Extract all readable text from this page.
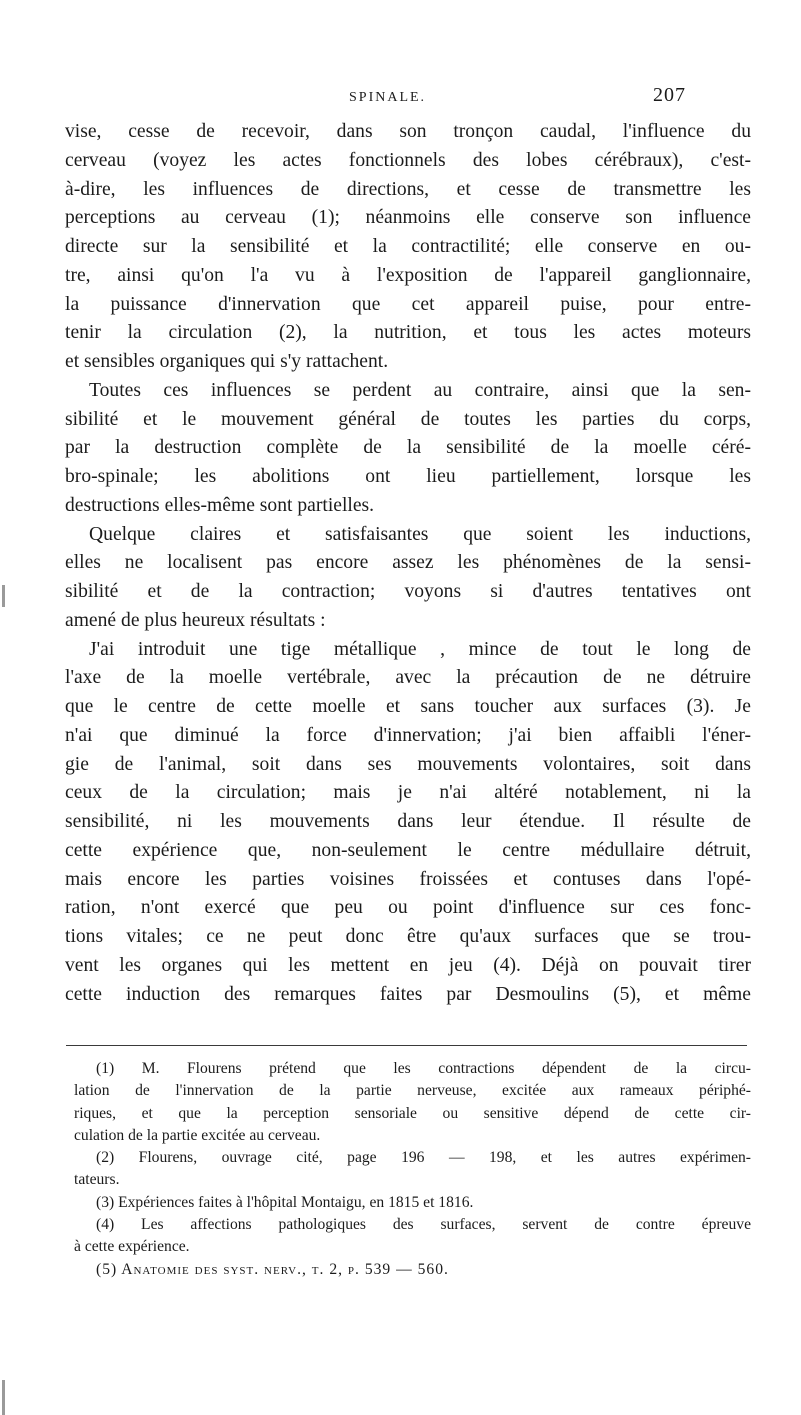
SPINALE.	207
vise, cesse de recevoir, dans son tronçon caudal, l'influence du
cerveau (voyez les actes fonctionnels des lobes cérébraux), c'est-
à-dire, les influences de directions, et cesse de transmettre les
perceptions au cerveau (1); néanmoins elle conserve son influence
directe sur la sensibilité et la contractilité; elle conserve en ou-
tre, ainsi qu'on l'a vu à l'exposition de l'appareil ganglionnaire,
la puissance d'innervation que cet appareil puise, pour entre-
tenir la circulation (2), la nutrition, et tous les actes moteurs
et sensibles organiques qui s'y rattachent.
Toutes ces influences se perdent au contraire, ainsi que la sen-
sibilité et le mouvement général de toutes les parties du corps,
par la destruction complète de la sensibilité de la moelle céré-
bro-spinale; les abolitions ont lieu partiellement, lorsque les
destructions elles-même sont partielles.
Quelque claires et satisfaisantes que soient les inductions,
elles ne localisent pas encore assez les phénomènes de la sensi-
sibilité et de la contraction; voyons si d'autres tentatives ont
amené de plus heureux résultats :
J'ai introduit une tige métallique , mince de tout le long de
l'axe de la moelle vertébrale, avec la précaution de ne détruire
que le centre de cette moelle et sans toucher aux surfaces (3). Je
n'ai que diminué la force d'innervation; j'ai bien affaibli l'éner-
gie de l'animal, soit dans ses mouvements volontaires, soit dans
ceux de la circulation; mais je n'ai altéré notablement, ni la
sensibilité, ni les mouvements dans leur étendue. Il résulte de
cette expérience que, non-seulement le centre médullaire détruit,
mais encore les parties voisines froissées et contuses dans l'opé-
ration, n'ont exercé que peu ou point d'influence sur ces fonc-
tions vitales; ce ne peut donc être qu'aux surfaces que se trou-
vent les organes qui les mettent en jeu (4). Déjà on pouvait tirer
cette induction des remarques faites par Desmoulins (5), et même
(1) M. Flourens prétend que les contractions dépendent de la circu-
lation de l'innervation de la partie nerveuse, excitée aux rameaux périphé-
riques, et que la perception sensoriale ou sensitive dépend de cette cir-
culation de la partie excitée au cerveau.
(2) Flourens, ouvrage cité, page 196 — 198, et les autres expérimen-
tateurs.
(3) Expériences faites à l'hôpital Montaigu, en 1815 et 1816.
(4) Les affections pathologiques des surfaces, servent de contre épreuve
à cette expérience.
(5) Anatomie des syst. nerv., t. 2, p. 539 — 560.
